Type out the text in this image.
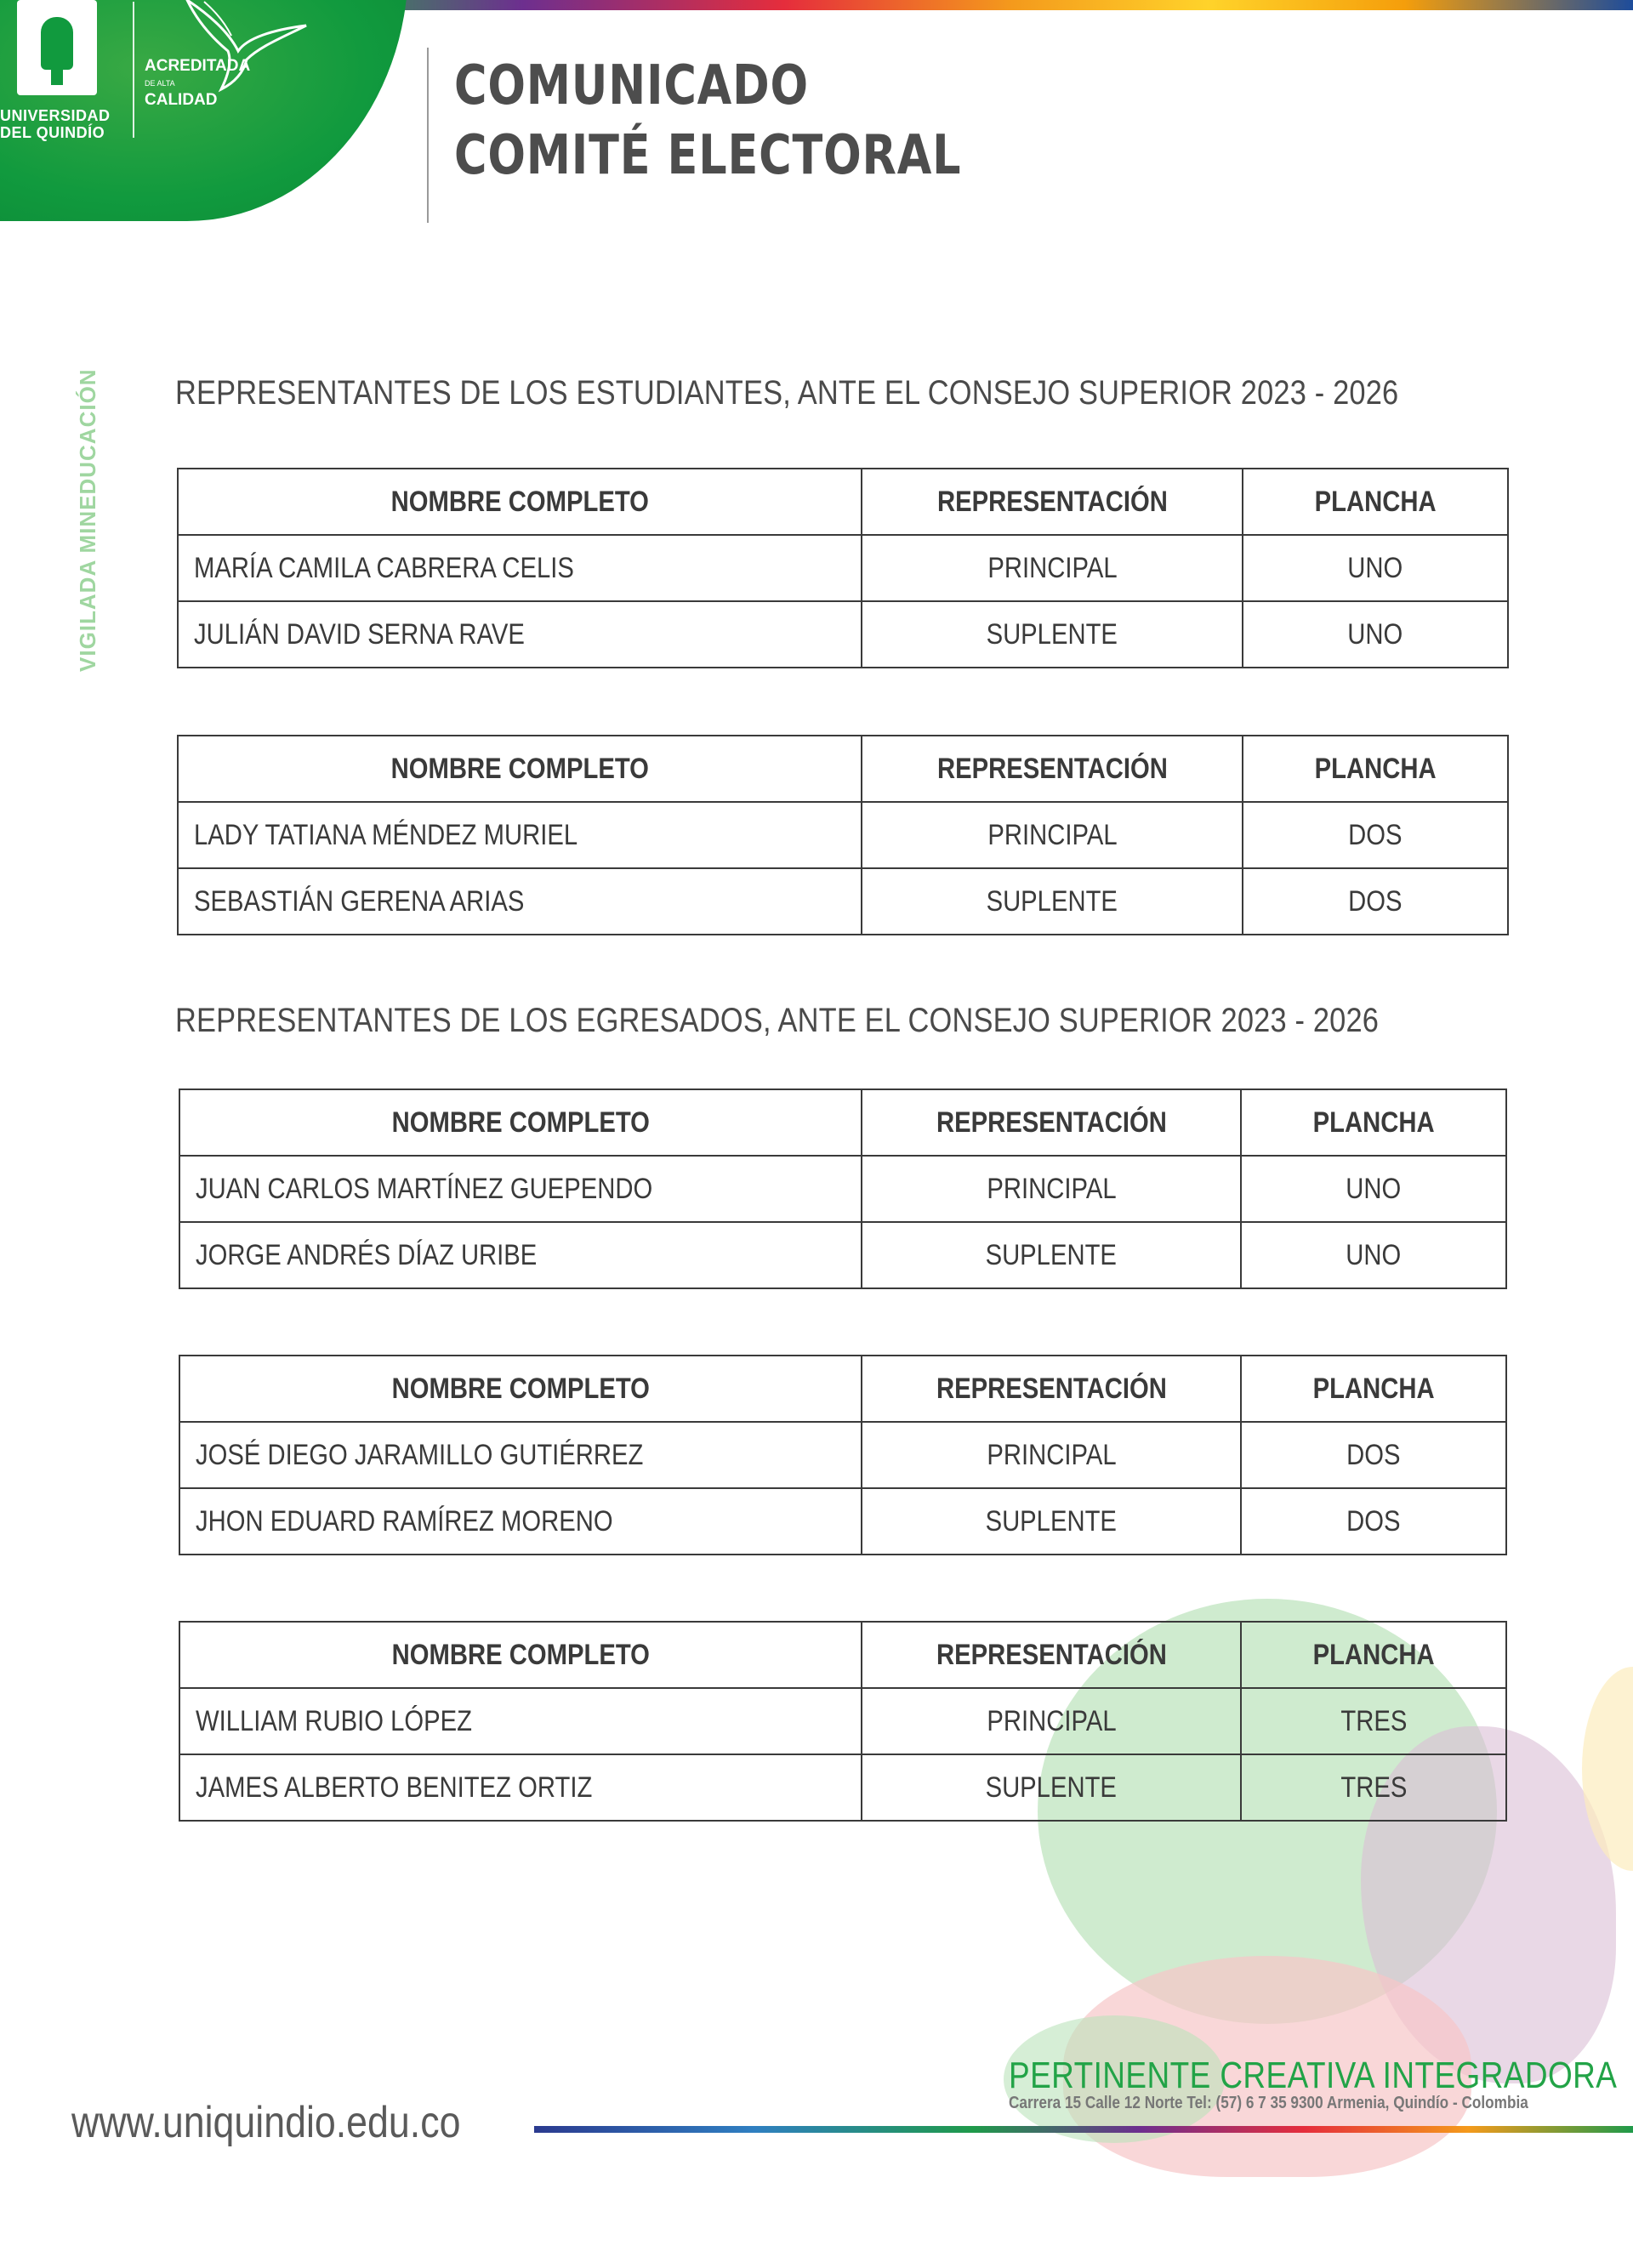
UNIVERSIDAD
DEL QUINDÍO
ACREDITADA
DE ALTA
CALIDAD	COMUNICADO
COMITÉ ELECTORAL
VIGILADA MINEDUCACIÓN REPRESENTANTES DE LOS ESTUDIANTES, ANTE EL CONSEJO SUPERIOR 2023 - 2026
NOMBRE COMPLETO	REPRESENTACIÓN	PLANCHA
MARÍA CAMILA CABRERA CELIS	PRINCIPAL	UNO
JULIÁN DAVID SERNA RAVE	SUPLENTE	UNO
NOMBRE COMPLETO	REPRESENTACIÓN	PLANCHA
LADY TATIANA MÉNDEZ MURIEL	PRINCIPAL	DOS
SEBASTIÁN GERENA ARIAS	SUPLENTE	DOS
REPRESENTANTES DE LOS EGRESADOS, ANTE EL CONSEJO SUPERIOR 2023 - 2026
NOMBRE COMPLETO	REPRESENTACIÓN	PLANCHA
JUAN CARLOS MARTÍNEZ GUEPENDO	PRINCIPAL	UNO
JORGE ANDRÉS DÍAZ URIBE	SUPLENTE	UNO
NOMBRE COMPLETO	REPRESENTACIÓN	PLANCHA
JOSÉ DIEGO JARAMILLO GUTIÉRREZ	PRINCIPAL	DOS
JHON EDUARD RAMÍREZ MORENO	SUPLENTE	DOS
NOMBRE COMPLETO	REPRESENTACIÓN	PLANCHA
WILLIAM RUBIO LÓPEZ	PRINCIPAL	TRES
JAMES ALBERTO BENITEZ ORTIZ	SUPLENTE	TRES
PERTINENTE CREATIVA INTEGRADORA
Carrera 15 Calle 12 Norte Tel: (57) 6 7 35 9300 Armenia, Quindío - Colombia
www.uniquindio.edu.co
